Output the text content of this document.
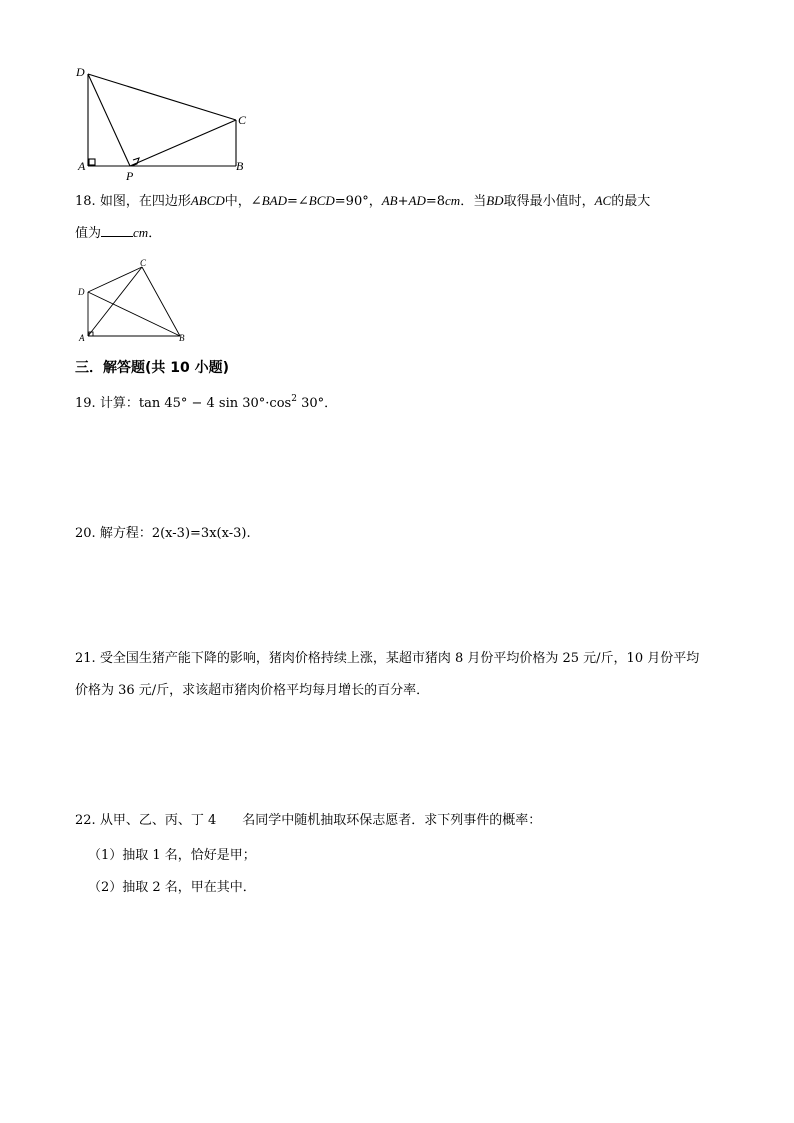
D
C
A
P
B
18. 如图，在四边形ABCD中，∠BAD=∠BCD=90°，AB+AD=8cm．当BD取得最小值时，AC的最大
值为 cm．
C
D
A	B
三．解答题(共 10 小题)
19. 计算：tan 45° − 4 $\sin 30^\circ\cdot\cos^2$ 30°．
20. 解方程：2(x-3)=3x(x-3).
21. 受全国生猪产能下降的影响，猪肉价格持续上涨，某超市猪肉 8 月份平均价格为 25 元/斤，10 月份平均
价格为 36 元/斤，求该超市猪肉价格平均每月增长的百分率．
22. 从甲、乙、丙、丁 4 名同学中随机抽取环保志愿者．求下列事件的概率：
（1）抽取 1 名，恰好是甲；
（2）抽取 2 名，甲在其中．
